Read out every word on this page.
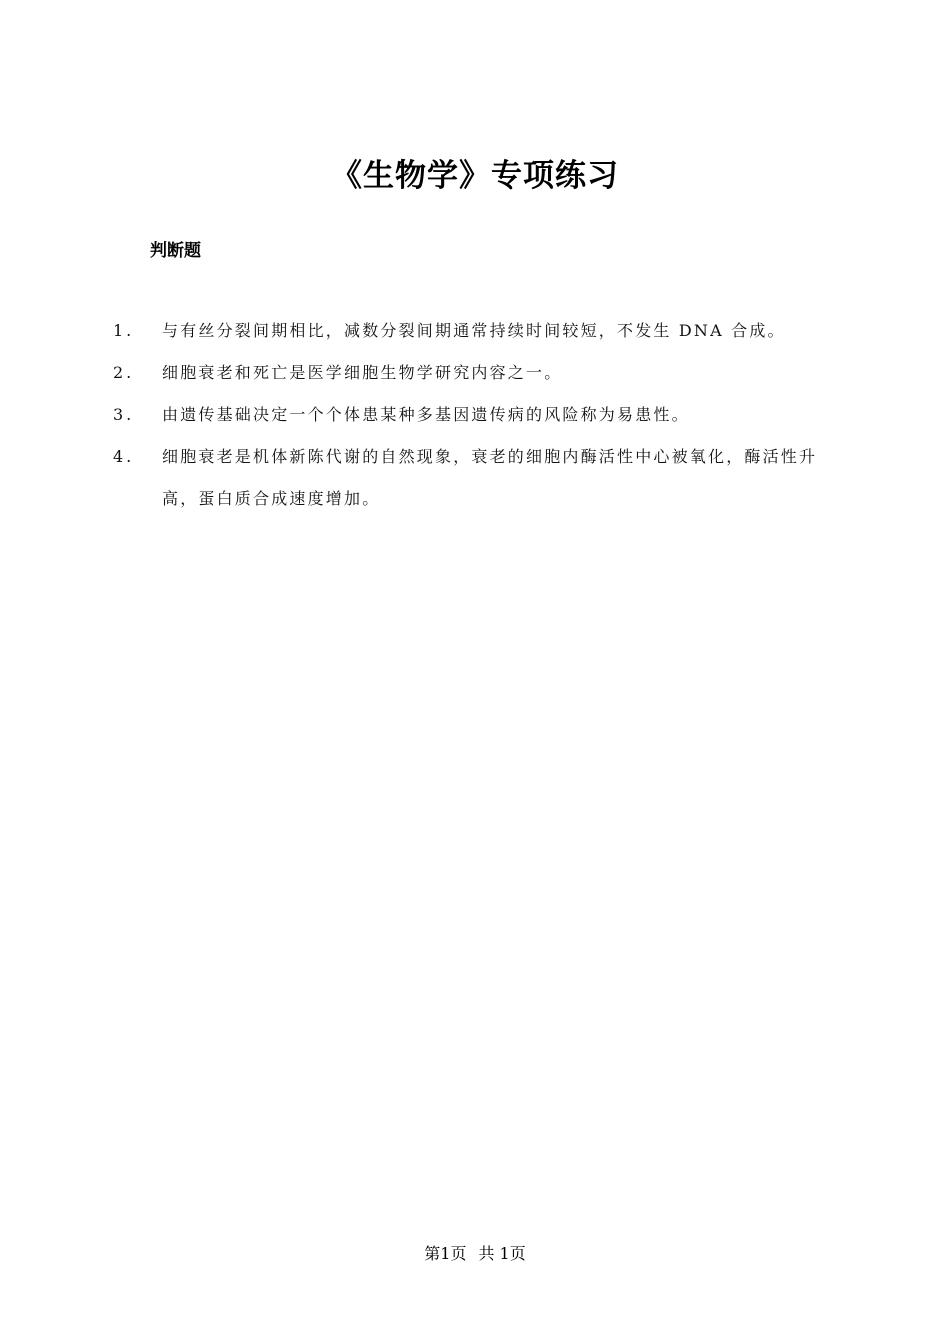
《生物学》专项练习
判断题
1. 与有丝分裂间期相比，减数分裂间期通常持续时间较短，不发生 DNA 合成。
2. 细胞衰老和死亡是医学细胞生物学研究内容之一。
3. 由遗传基础决定一个个体患某种多基因遗传病的风险称为易患性。
4. 细胞衰老是机体新陈代谢的自然现象，衰老的细胞内酶活性中心被氧化，酶活性升高，蛋白质合成速度增加。
第1页 共 1页
